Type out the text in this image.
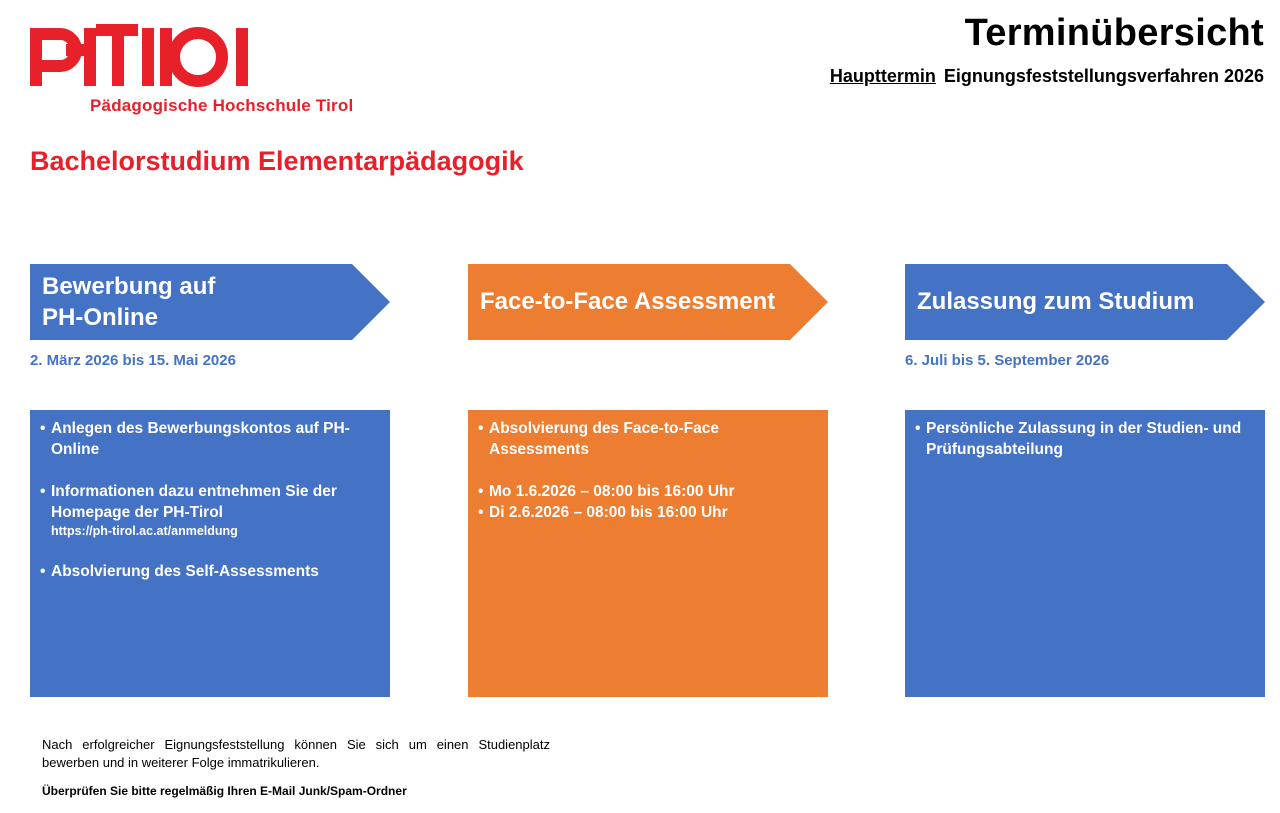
Pädagogische Hochschule Tirol
Terminübersicht
Haupttermin Eignungsfeststellungsverfahren 2026
Bachelorstudium Elementarpädagogik
Bewerbung auf
PH-Online
Face-to-Face Assessment	Zulassung zum Studium
2. März 2026 bis 15. Mai 2026	6. Juli bis 5. September 2026
• Anlegen des Bewerbungskontos auf PH-Online
• Informationen dazu entnehmen Sie der Homepage der PH-Tirol
https://ph-tirol.ac.at/anmeldung
• Absolvierung des Self-Assessments
• Absolvierung des Face-to-Face Assessments
• Mo 1.6.2026 – 08:00 bis 16:00 Uhr
• Di 2.6.2026 – 08:00 bis 16:00 Uhr
• Persönliche Zulassung in der Studien- und Prüfungsabteilung
Nach erfolgreicher Eignungsfeststellung können Sie sich um einen Studienplatz bewerben und in weiterer Folge immatrikulieren.
Überprüfen Sie bitte regelmäßig Ihren E-Mail Junk/Spam-Ordner
